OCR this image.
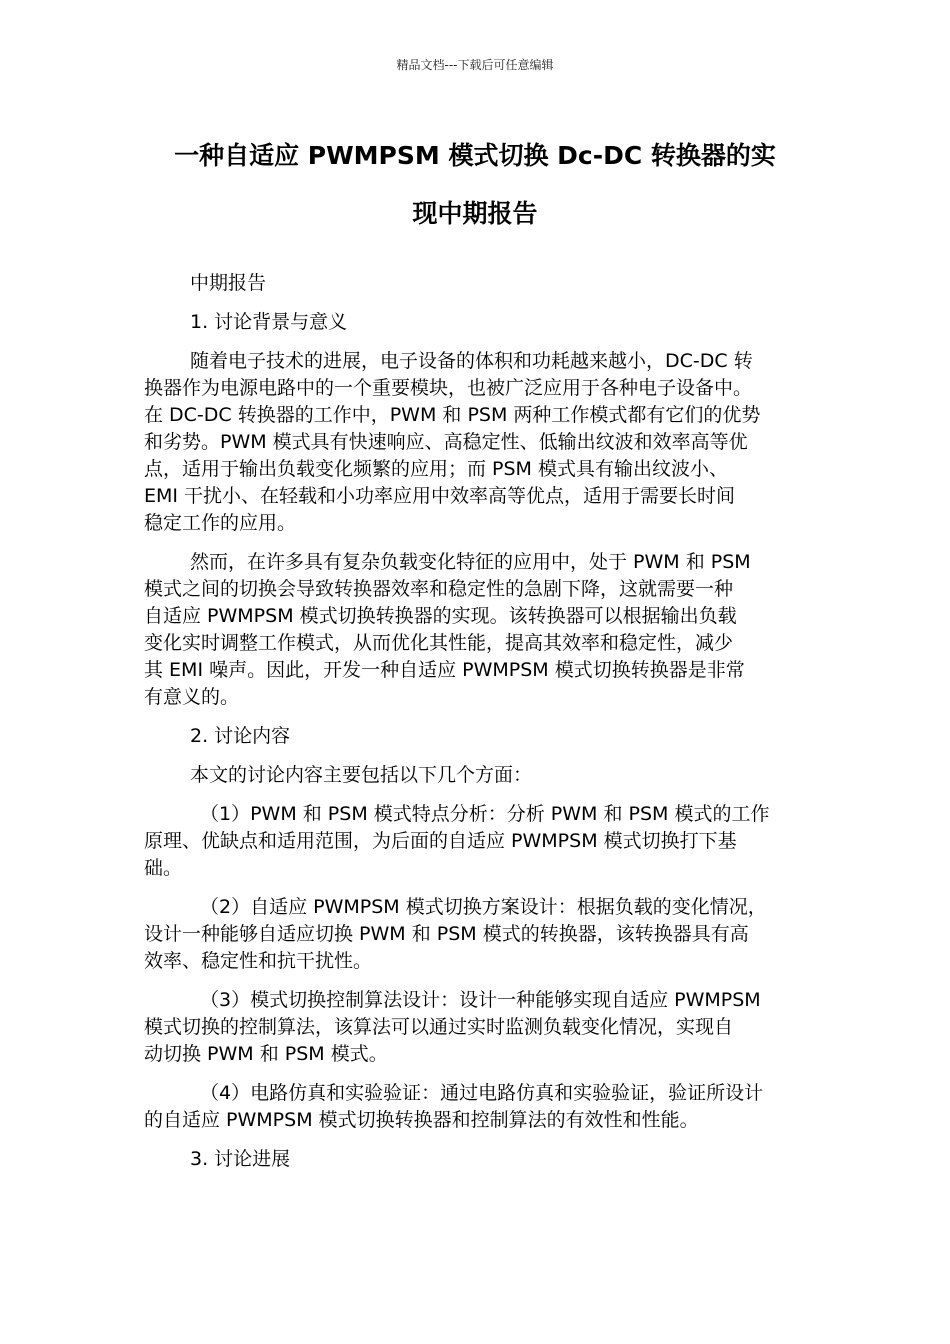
精品文档---下载后可任意编辑
一种自适应 PWMPSM 模式切换 Dc-DC 转换器的实
现中期报告

中期报告

1. 讨论背景与意义

随着电子技术的进展，电子设备的体积和功耗越来越小，DC-DC 转
换器作为电源电路中的一个重要模块，也被广泛应用于各种电子设备中。
在 DC-DC 转换器的工作中，PWM 和 PSM 两种工作模式都有它们的优势
和劣势。PWM 模式具有快速响应、高稳定性、低输出纹波和效率高等优
点，适用于输出负载变化频繁的应用；而 PSM 模式具有输出纹波小、
EMI 干扰小、在轻载和小功率应用中效率高等优点，适用于需要长时间
稳定工作的应用。

然而，在许多具有复杂负载变化特征的应用中，处于 PWM 和 PSM
模式之间的切换会导致转换器效率和稳定性的急剧下降，这就需要一种
自适应 PWMPSM 模式切换转换器的实现。该转换器可以根据输出负载
变化实时调整工作模式，从而优化其性能，提高其效率和稳定性，减少
其 EMI 噪声。因此，开发一种自适应 PWMPSM 模式切换转换器是非常
有意义的。

2. 讨论内容

本文的讨论内容主要包括以下几个方面：

（1）PWM 和 PSM 模式特点分析：分析 PWM 和 PSM 模式的工作
原理、优缺点和适用范围，为后面的自适应 PWMPSM 模式切换打下基
础。

（2）自适应 PWMPSM 模式切换方案设计：根据负载的变化情况，
设计一种能够自适应切换 PWM 和 PSM 模式的转换器，该转换器具有高
效率、稳定性和抗干扰性。

（3）模式切换控制算法设计：设计一种能够实现自适应 PWMPSM
模式切换的控制算法，该算法可以通过实时监测负载变化情况，实现自
动切换 PWM 和 PSM 模式。

（4）电路仿真和实验验证：通过电路仿真和实验验证，验证所设计
的自适应 PWMPSM 模式切换转换器和控制算法的有效性和性能。

3. 讨论进展
